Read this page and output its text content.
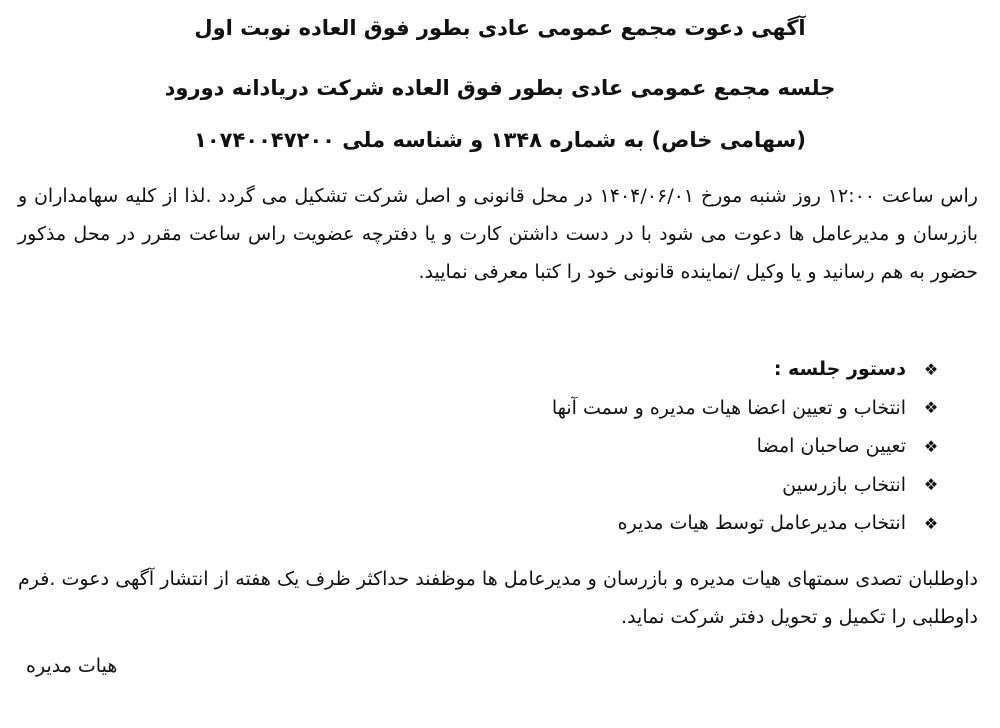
آگهی دعوت مجمع عمومی عادی بطور فوق العاده نوبت اول
جلسه مجمع عمومی عادی بطور فوق العاده شرکت دریادانه دورود
(سهامی خاص) به شماره ۱۳۴۸ و شناسه ملی ۱۰۷۴۰۰۴۷۲۰۰
راس ساعت ۱۲:۰۰ روز شنبه مورخ ۱۴۰۴/۰۶/۰۱ در محل قانونی و اصل شرکت تشکیل می گردد .لذا از کلیه سهامداران و بازرسان و مدیرعامل ها دعوت می شود با در دست داشتن کارت و یا دفترچه عضویت راس ساعت مقرر در محل مذکور حضور به هم رسانید و یا وکیل /نماینده قانونی خود را کتبا معرفی نمایید.
❖
دستور جلسه :
❖
انتخاب و تعیین اعضا هیات مدیره و سمت آنها
❖
تعیین صاحبان امضا
❖
انتخاب بازرسین
❖
انتخاب مدیرعامل توسط هیات مدیره
داوطلبان تصدی سمتهای هیات مدیره و بازرسان و مدیرعامل ها موظفند حداکثر ظرف یک هفته از انتشار آگهی دعوت .فرم داوطلبی را تکمیل و تحویل دفتر شرکت نماید.
هیات مدیره
